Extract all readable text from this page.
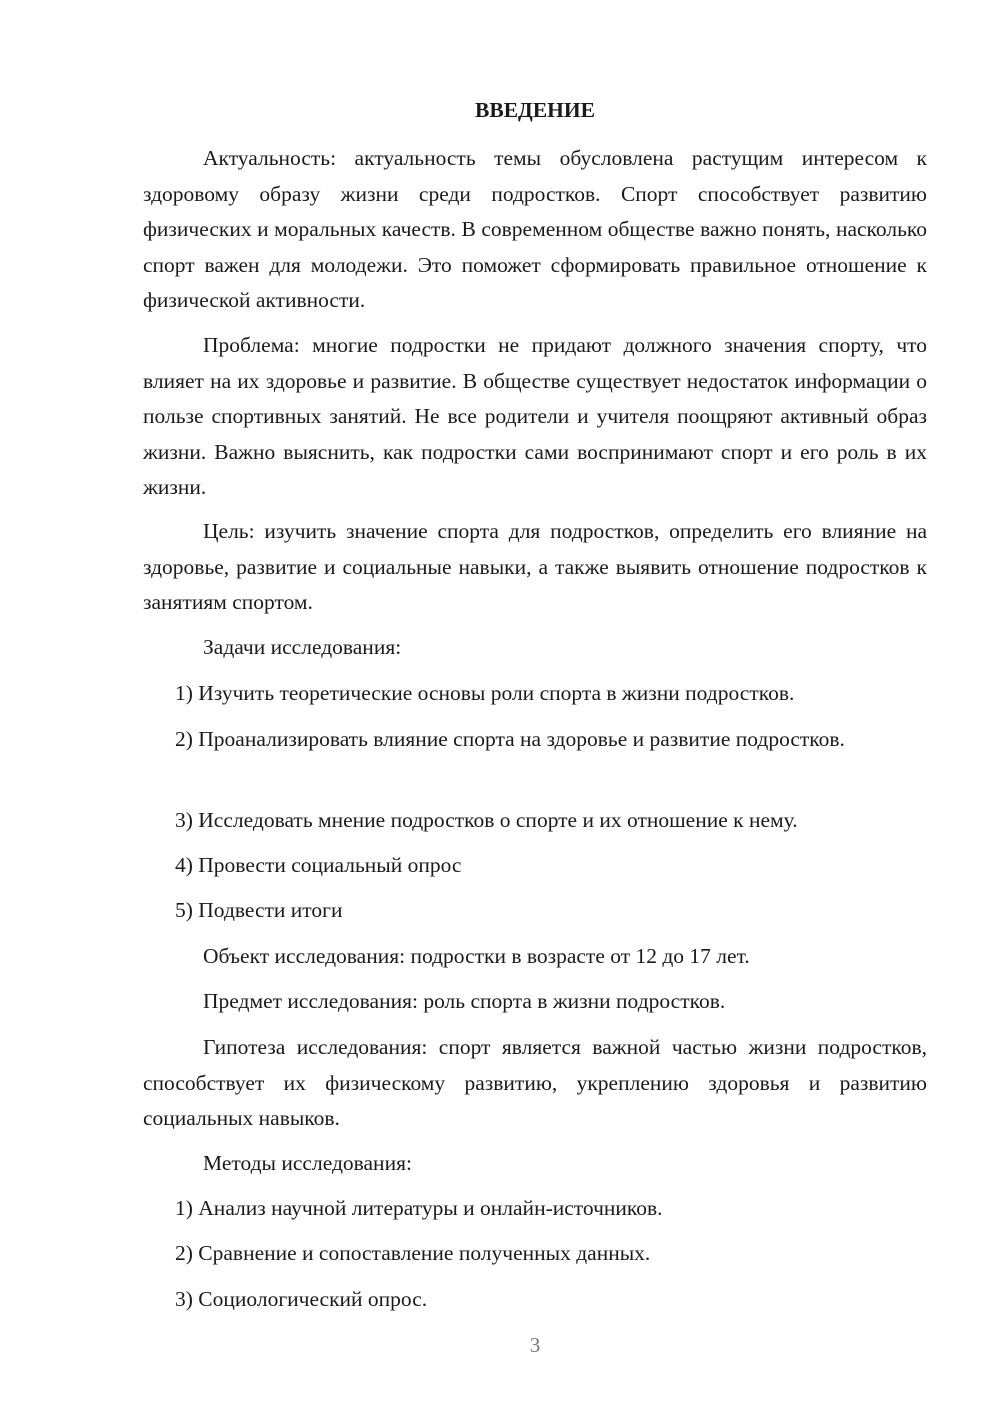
ВВЕДЕНИЕ

Актуальность: актуальность темы обусловлена растущим интересом к здоровому образу жизни среди подростков. Спорт способствует развитию физических и моральных качеств. В современном обществе важно понять, насколько спорт важен для молодежи. Это поможет сформировать правильное отношение к физической активности.

Проблема: многие подростки не придают должного значения спорту, что влияет на их здоровье и развитие. В обществе существует недостаток информации о пользе спортивных занятий. Не все родители и учителя поощряют активный образ жизни. Важно выяснить, как подростки сами воспринимают спорт и его роль в их жизни.

Цель: изучить значение спорта для подростков, определить его влияние на здоровье, развитие и социальные навыки, а также выявить отношение подростков к занятиям спортом.

Задачи исследования:

1) Изучить теоретические основы роли спорта в жизни подростков.

2) Проанализировать влияние спорта на здоровье и развитие подростков.

3) Исследовать мнение подростков о спорте и их отношение к нему.

4) Провести социальный опрос

5) Подвести итоги

Объект исследования: подростки в возрасте от 12 до 17 лет.

Предмет исследования: роль спорта в жизни подростков.

Гипотеза исследования: спорт является важной частью жизни подростков, способствует их физическому развитию, укреплению здоровья и развитию социальных навыков.

Методы исследования:

1) Анализ научной литературы и онлайн-источников.

2) Сравнение и сопоставление полученных данных.

3) Социологический опрос.

3
